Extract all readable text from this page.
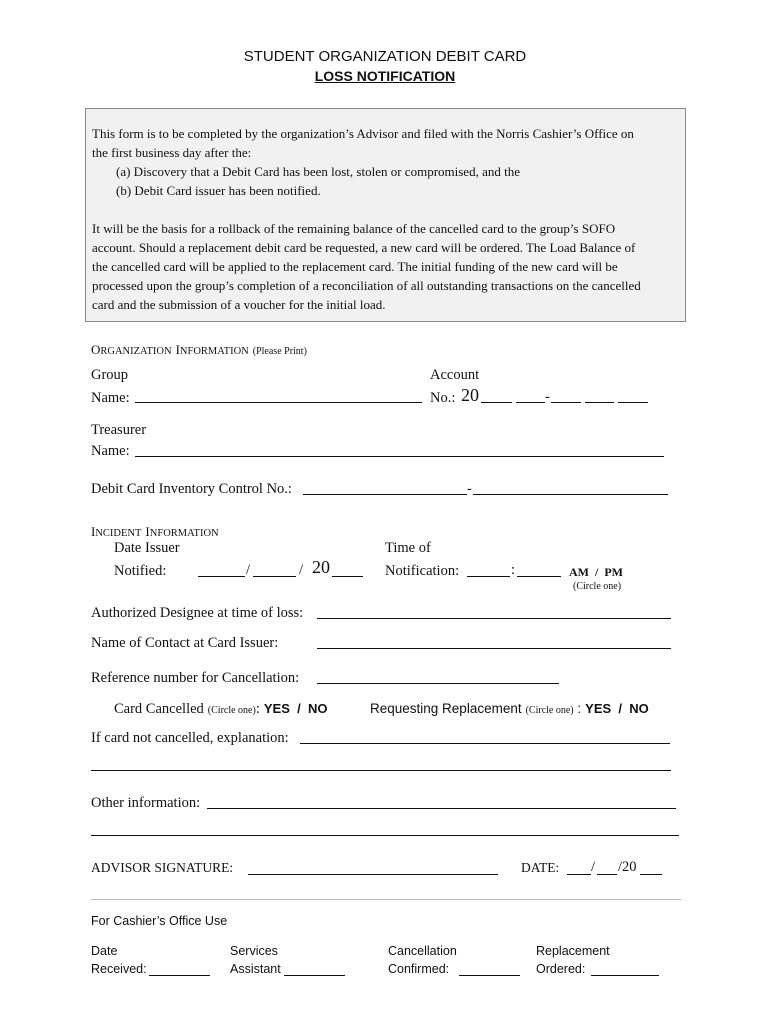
STUDENT ORGANIZATION DEBIT CARD
LOSS NOTIFICATION

This form is to be completed by the organization’s Advisor and filed with the Norris Cashier’s Office on

the first business day after the:

(a) Discovery that a Debit Card has been lost, stolen or compromised, and the

(b) Debit Card issuer has been notified.

It will be the basis for a rollback of the remaining balance of the cancelled card to the group’s SOFO

account. Should a replacement debit card be requested, a new card will be ordered. The Load Balance of

the cancelled card will be applied to the replacement card. The initial funding of the new card will be

processed upon the group’s completion of a reconciliation of all outstanding transactions on the cancelled

card and the submission of a voucher for the initial load.

ORGANIZATION INFORMATION (Please Print)
Group
Name:
Account
No.: 20	-
Treasurer
Name:
Debit Card Inventory Control No.:	-
INCIDENT INFORMATION
Date Issuer
Notified:	/	/ 20
Time of
Notification:	:	AM  /  PM
(Circle one)
Authorized Designee at time of loss:
Name of Contact at Card Issuer:
Reference number for Cancellation:
Card Cancelled (Circle one): YES  /  NO	Requesting Replacement (Circle one) : YES  /  NO
If card not cancelled, explanation:
Other information:
ADVISOR SIGNATURE:	DATE: / /20
For Cashier’s Office Use
Date
Received:
Services
Assistant
Cancellation
Confirmed:
Replacement
Ordered:
